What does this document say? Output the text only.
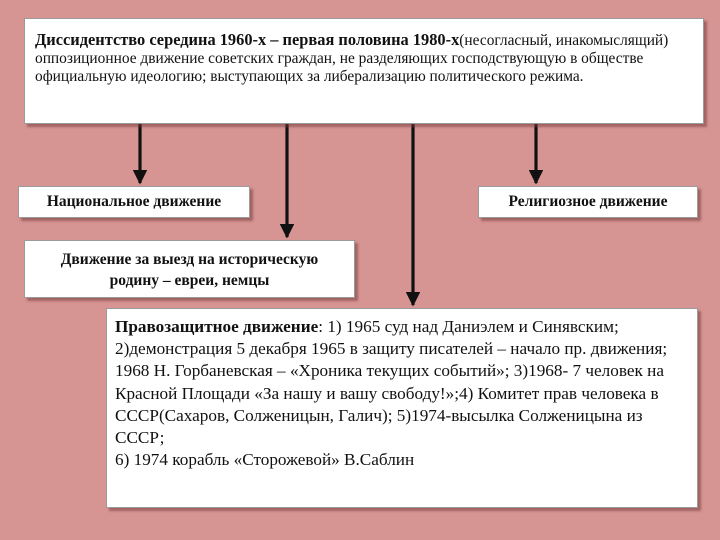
Диссидентство середина 1960-х – первая половина 1980-х(несогласный, инакомыслящий) оппозиционное движение советских граждан, не разделяющих господствующую в обществе официальную идеологию; выступающих за либерализацию политического режима.
Национальное движение	Религиозное движение
Движение за выезд на историческую
родину – евреи, немцы
Правозащитное движение: 1) 1965 суд над Даниэлем и Синявским; 2)демонстрация 5 декабря 1965 в защиту писателей – начало пр. движения; 1968 Н. Горбаневская – «Хроника текущих событий»; 3)1968- 7 человек на Красной Площади «За нашу и вашу свободу!»;4) Комитет прав человека в СССР(Сахаров, Солженицын, Галич); 5)1974-высылка Солженицына из СССР;
6) 1974 корабль «Сторожевой» В.Саблин
